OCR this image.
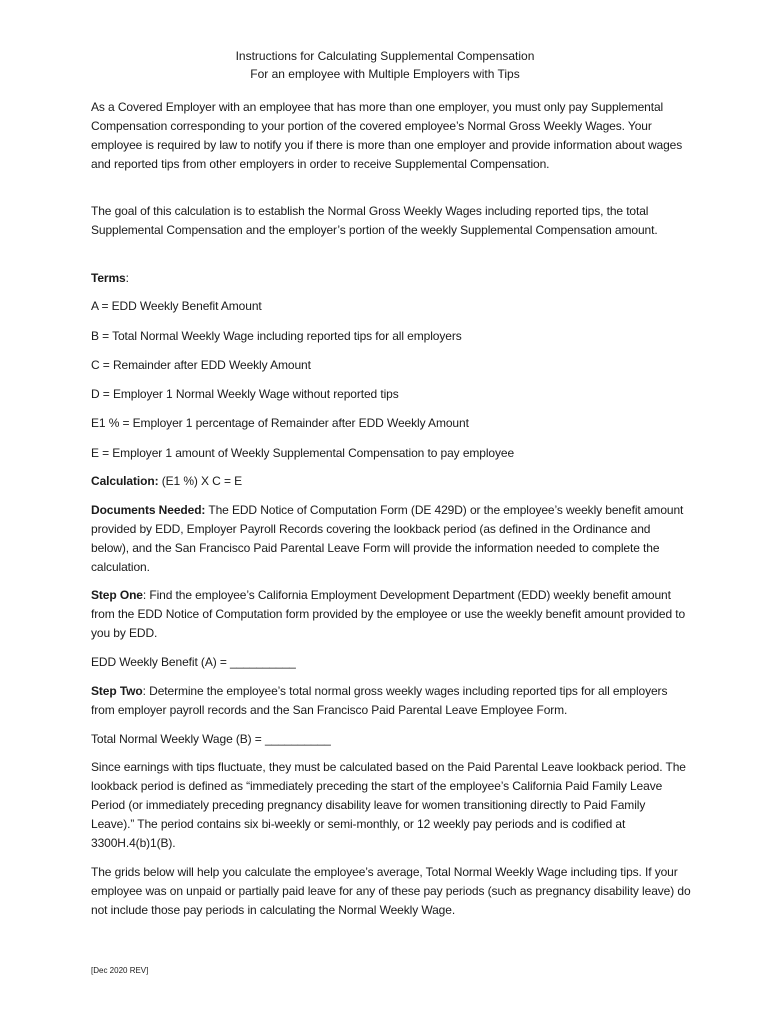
Instructions for Calculating Supplemental Compensation
For an employee with Multiple Employers with Tips

As a Covered Employer with an employee that has more than one employer, you must only pay Supplemental Compensation corresponding to your portion of the covered employee’s Normal Gross Weekly Wages. Your employee is required by law to notify you if there is more than one employer and provide information about wages and reported tips from other employers in order to receive Supplemental Compensation.

The goal of this calculation is to establish the Normal Gross Weekly Wages including reported tips, the total Supplemental Compensation and the employer’s portion of the weekly Supplemental Compensation amount.

Terms:

A = EDD Weekly Benefit Amount

B = Total Normal Weekly Wage including reported tips for all employers

C = Remainder after EDD Weekly Amount

D = Employer 1 Normal Weekly Wage without reported tips

E1 % = Employer 1 percentage of Remainder after EDD Weekly Amount

E = Employer 1 amount of Weekly Supplemental Compensation to pay employee

Calculation: (E1 %) X C = E

Documents Needed: The EDD Notice of Computation Form (DE 429D) or the employee’s weekly benefit amount provided by EDD, Employer Payroll Records covering the lookback period (as defined in the Ordinance and below), and the San Francisco Paid Parental Leave Form will provide the information needed to complete the calculation.

Step One: Find the employee’s California Employment Development Department (EDD) weekly benefit amount from the EDD Notice of Computation form provided by the employee or use the weekly benefit amount provided to you by EDD.

EDD Weekly Benefit (A) = __________

Step Two: Determine the employee’s total normal gross weekly wages including reported tips for all employers from employer payroll records and the San Francisco Paid Parental Leave Employee Form.

Total Normal Weekly Wage (B) = __________

Since earnings with tips fluctuate, they must be calculated based on the Paid Parental Leave lookback period. The lookback period is defined as “immediately preceding the start of the employee’s California Paid Family Leave Period (or immediately preceding pregnancy disability leave for women transitioning directly to Paid Family Leave).” The period contains six bi-weekly or semi-monthly, or 12 weekly pay periods and is codified at 3300H.4(b)1(B).

The grids below will help you calculate the employee’s average, Total Normal Weekly Wage including tips. If your employee was on unpaid or partially paid leave for any of these pay periods (such as pregnancy disability leave) do not include those pay periods in calculating the Normal Weekly Wage.

[Dec 2020 REV]
